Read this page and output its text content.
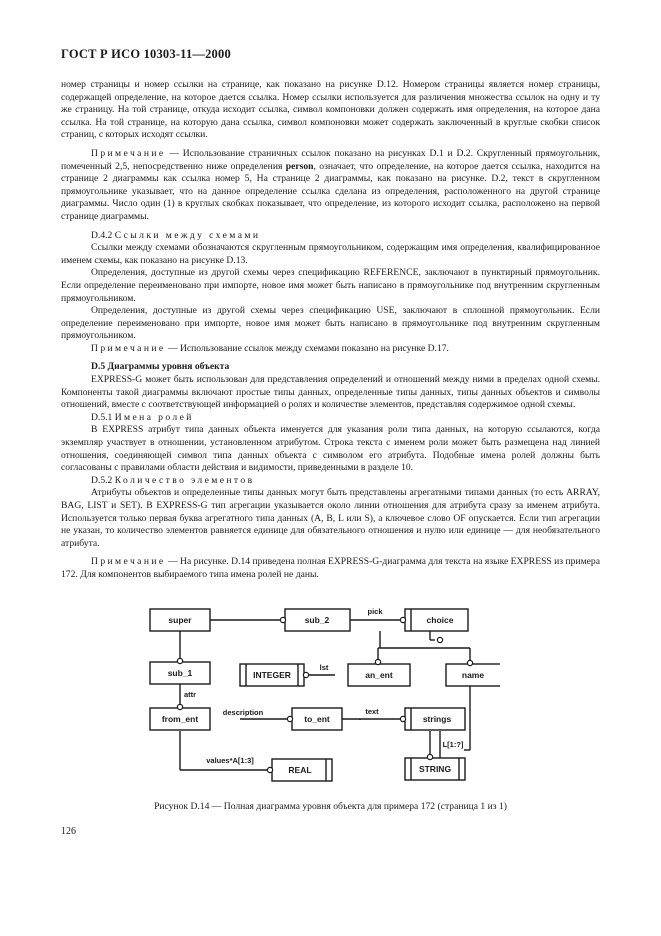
ГОСТ Р ИСО 10303-11—2000

номер страницы и номер ссылки на странице, как показано на рисунке D.12. Номером страницы является номер страницы, содержащей определение, на которое дается ссылка. Номер ссылки используется для различения множества ссылок на одну и ту же страницу. На той странице, откуда исходит ссылка, символ компоновки должен содержать имя определения, на которое дана ссылка. На той странице, на которую дана ссылка, символ компоновки может содержать заключенный в круглые скобки список страниц, с которых исходят ссылки.

Примечание — Использование страничных ссылок показано на рисунках D.1 и D.2. Скругленный прямоугольник, помеченный 2,5, непосредственно ниже определения person, означает, что определение, на которое дается ссылка, находится на странице 2 диаграммы как ссылка номер 5, На странице 2 диаграммы, как показано на рисунке. D.2, текст в скругленном прямоугольнике указывает, что на данное определение ссылка сделана из определения, расположенного на другой странице диаграммы. Число один (1) в круглых скобках показывает, что определение, из которого исходит ссылка, расположено на первой странице диаграммы.

D.4.2 Ссылки между схемами

Ссылки между схемами обозначаются скругленным прямоугольником, содержащим имя определения, квалифицированное именем схемы, как показано на рисунке D.13.

Определения, доступные из другой схемы через спецификацию REFERENCE, заключают в пунктирный прямоугольник. Если определение переименовано при импорте, новое имя может быть написано в прямоугольнике под внутренним скругленным прямоугольником.

Определения, доступные из другой схемы через спецификацию USE, заключают в сплошной прямоугольник. Если определение переименовано при импорте, новое имя может быть написано в прямоугольнике под внутренним скругленным прямоугольником.

Примечание — Использование ссылок между схемами показано на рисунке D.17.

D.5 Диаграммы уровня объекта

EXPRESS-G может быть использован для представления определений и отношений между ними в пределах одной схемы. Компоненты такой диаграммы включают простые типы данных, определенные типы данных, типы данных объектов и символы отношений, вместе с соответствующей информацией о ролях и количестве элементов, представляя содержимое одной схемы.

D.5.1 Имена ролей

В EXPRESS атрибут типа данных объекта именуется для указания роли типа данных, на которую ссылаются, когда экземпляр участвует в отношении, установленном атрибутом. Строка текста с именем роли может быть размещена над линией отношения, соединяющей символ типа данных объекта с символом его атрибута. Подобные имена ролей должны быть согласованы с правилами области действия и видимости, приведенными в разделе 10.

D.5.2 Количество элементов

Атрибуты объектов и определенные типы данных могут быть представлены агрегатными типами данных (то есть ARRAY, BAG, LIST и SET). В EXPRESS-G тип агрегации указывается около линии отношения для атрибута сразу за именем атрибута. Используется только первая буква агрегатного типа данных (A, B, L или S), а ключевое слово OF опускается. Если тип агрегации не указан, то количество элементов равняется единице для обязательного отношения и нулю или единице — для необязательного атрибута.

Примечание — На рисунке. D.14 приведена полная EXPRESS-G-диаграмма для текста на языке EXPRESS из примера 172. Для компонентов выбираемого типа имена ролей не даны.

super	sub_2	choice
sub_1	INTEGER	an_ent	name
from_ent	to_ent	strings
REAL	STRING
pick
attr
lst
description	text
values*A[1:3]
L[1:?]
Рисунок D.14 — Полная диаграмма уровня объекта для примера 172 (страница 1 из 1)
126
